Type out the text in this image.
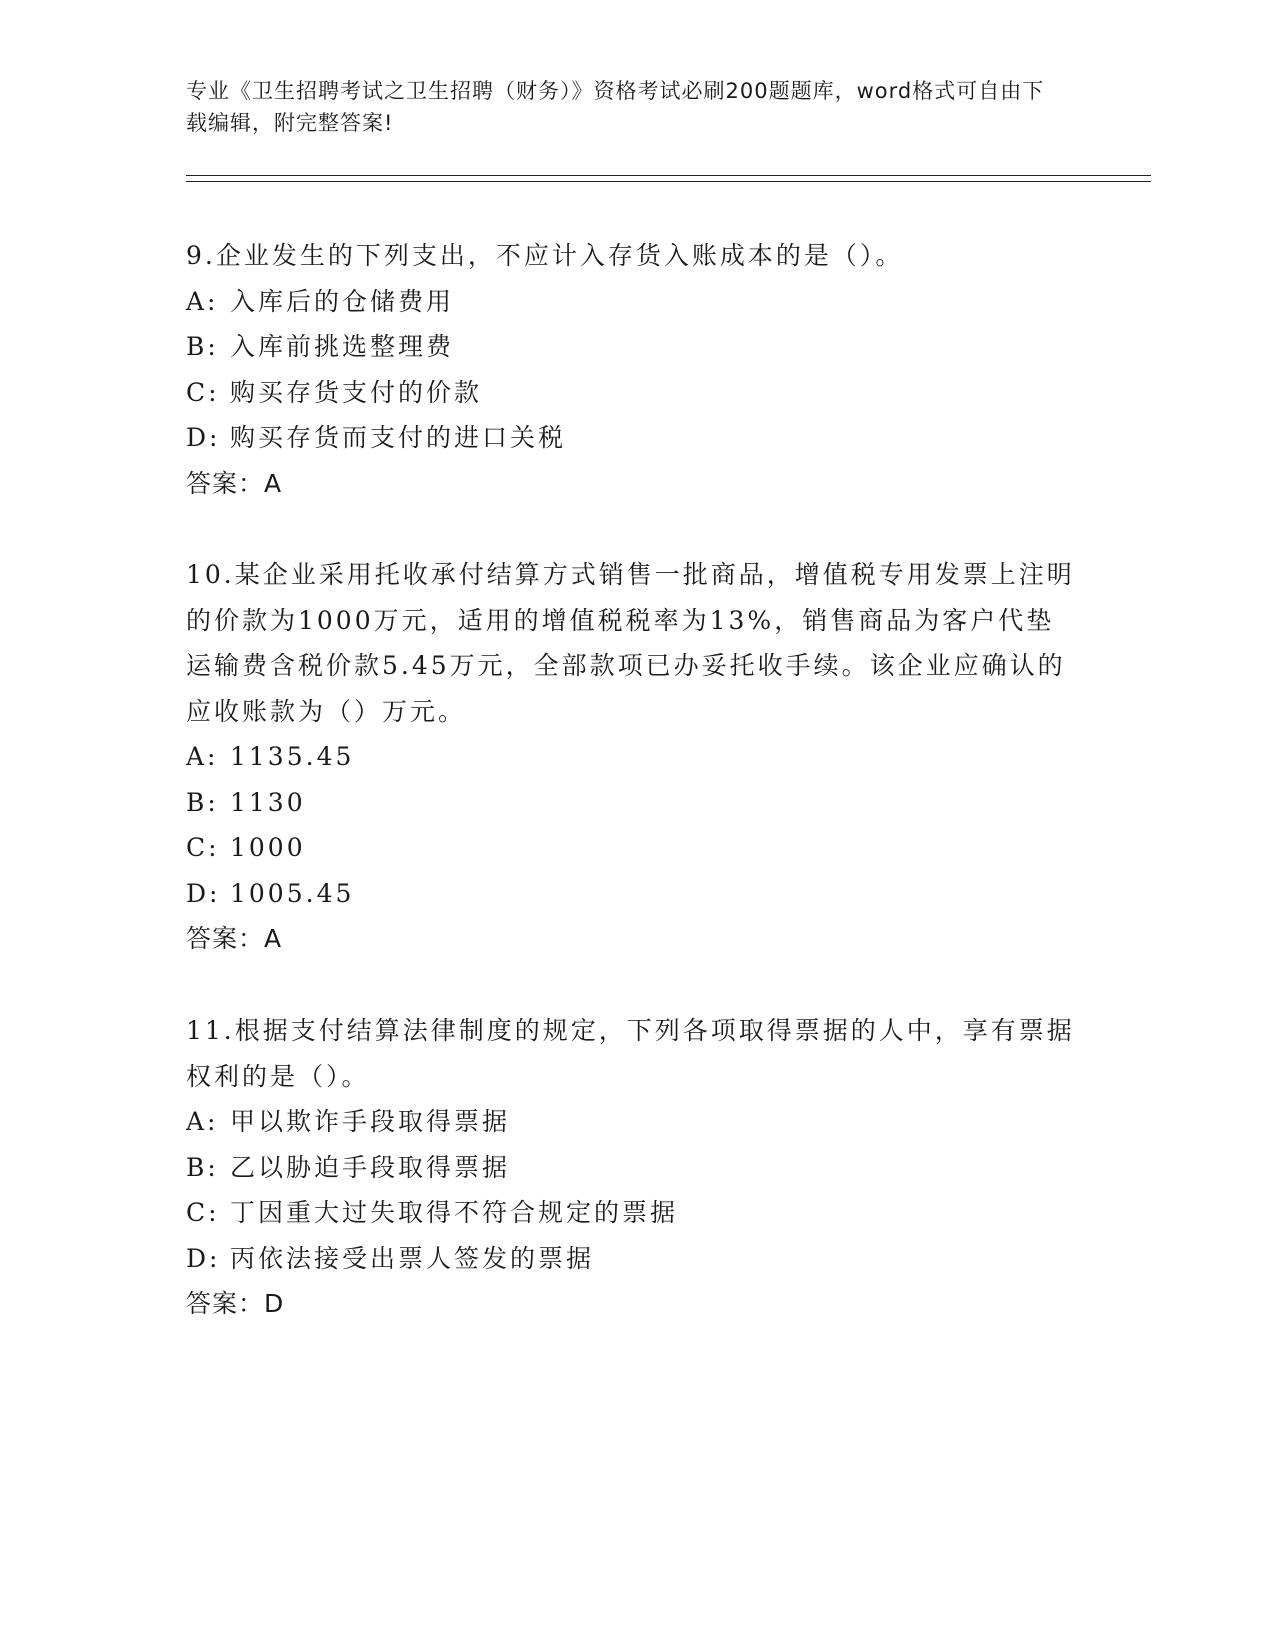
专业《卫生招聘考试之卫生招聘（财务）》资格考试必刷200题题库，word格式可自由下载编辑，附完整答案!

9.企业发生的下列支出，不应计入存货入账成本的是（）。

A: 入库后的仓储费用

B: 入库前挑选整理费

C: 购买存货支付的价款

D: 购买存货而支付的进口关税

答案：A

10.某企业采用托收承付结算方式销售一批商品，增值税专用发票上注明的价款为1000万元，适用的增值税税率为13%，销售商品为客户代垫运输费含税价款5.45万元，全部款项已办妥托收手续。该企业应确认的应收账款为（）万元。

A: 1135.45

B: 1130

C: 1000

D: 1005.45

答案：A

11.根据支付结算法律制度的规定，下列各项取得票据的人中，享有票据权利的是（）。

A: 甲以欺诈手段取得票据

B: 乙以胁迫手段取得票据

C: 丁因重大过失取得不符合规定的票据

D: 丙依法接受出票人签发的票据

答案：D
